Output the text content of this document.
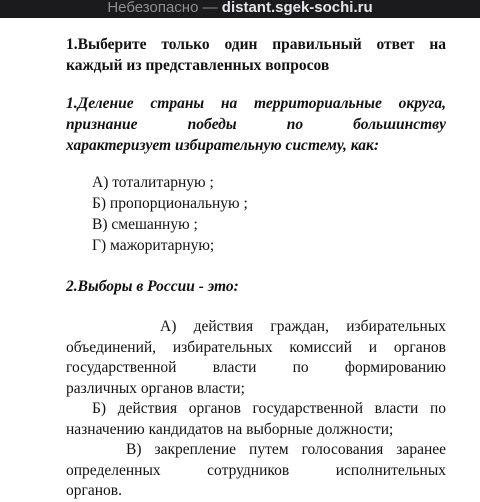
Небезопасно — distant.sgek-sochi.ru

1.Выберите только один правильный ответ на
каждый из представленных вопросов

1.Деление страны на территориальные округа,
признание победы по большинству
характеризует избирательную систему, как:

А) тоталитарную ;
Б) пропорциональную ;
В) смешанную ;
Г) мажоритарную;

2.Выборы в России - это:

А) действия граждан, избирательных
объединений, избирательных комиссий и органов
государственной власти по формированию
различных органов власти;
Б) действия органов государственной власти по
назначению кандидатов на выборные должности;
В) закрепление путем голосования заранее
определенных сотрудников исполнительных
органов.
